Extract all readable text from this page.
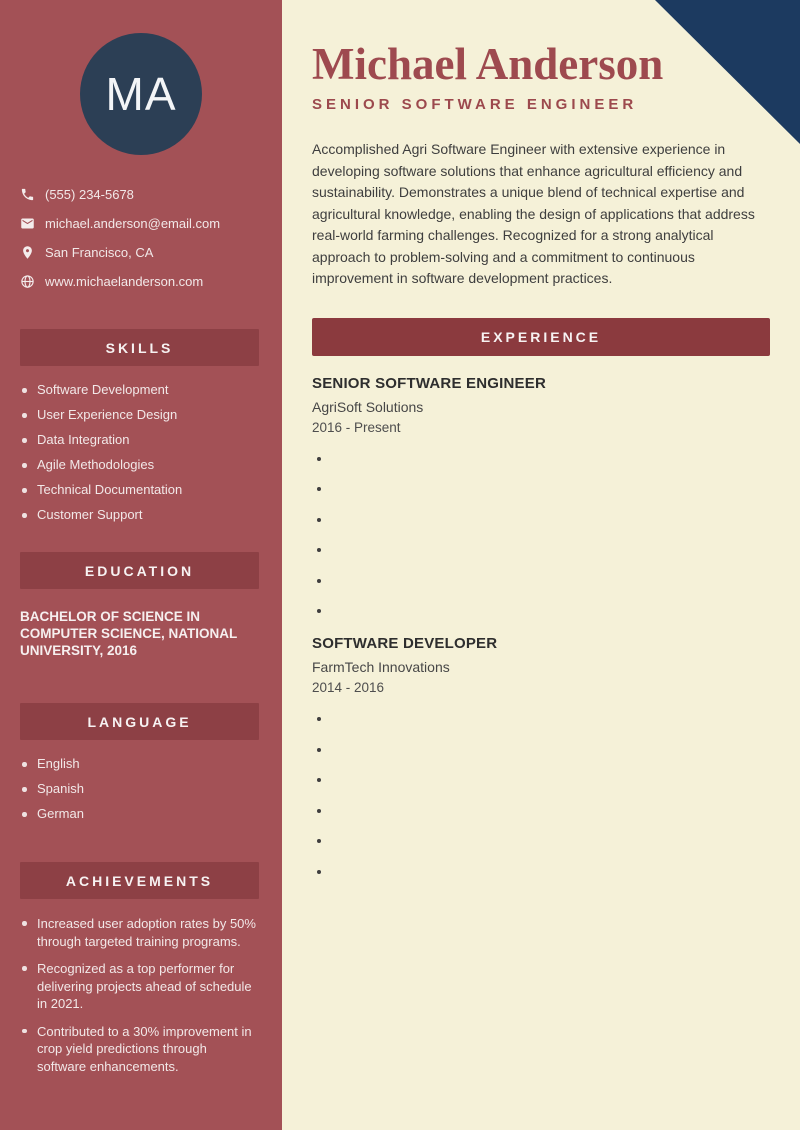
MA
(555) 234-5678
michael.anderson@email.com
San Francisco, CA
www.michaelanderson.com
SKILLS
Software Development
User Experience Design
Data Integration
Agile Methodologies
Technical Documentation
Customer Support
EDUCATION
BACHELOR OF SCIENCE IN COMPUTER SCIENCE, NATIONAL UNIVERSITY, 2016
LANGUAGE
English
Spanish
German
ACHIEVEMENTS
Increased user adoption rates by 50% through targeted training programs.
Recognized as a top performer for delivering projects ahead of schedule in 2021.
Contributed to a 30% improvement in crop yield predictions through software enhancements.
Michael Anderson
SENIOR SOFTWARE ENGINEER

Accomplished Agri Software Engineer with extensive experience in developing software solutions that enhance agricultural efficiency and sustainability. Demonstrates a unique blend of technical expertise and agricultural knowledge, enabling the design of applications that address real-world farming challenges. Recognized for a strong analytical approach to problem-solving and a commitment to continuous improvement in software development practices.

EXPERIENCE
SENIOR SOFTWARE ENGINEER
AgriSoft Solutions
2016 - Present
•
•
•
•
•
•
SOFTWARE DEVELOPER
FarmTech Innovations
2014 - 2016
•
•
•
•
•
•
